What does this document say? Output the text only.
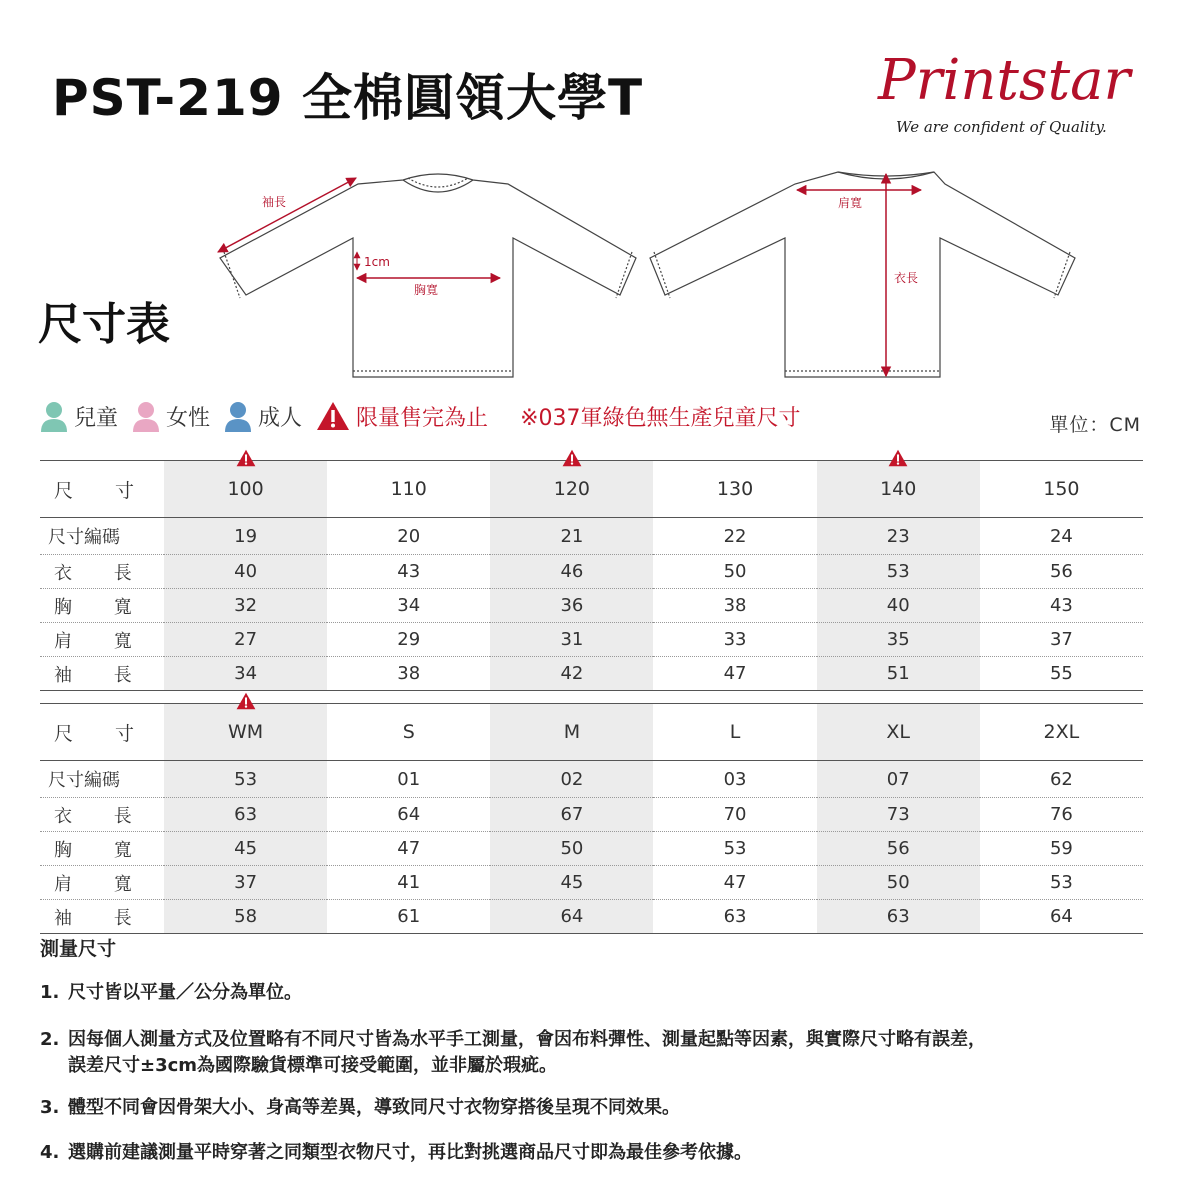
PST-219 全棉圓領大學T	Printstar
We are confident of Quality.
尺寸表
袖長
1cm
胸寬
肩寬
衣長
兒童 女性 成人 限量售完為止 ※037軍綠色無生產兒童尺寸	單位：CM
尺 寸	100	110	120	130	140	150
尺寸編碼	19	20	21	22	23	24
衣 長	40	43	46	50	53	56
胸 寬	32	34	36	38	40	43
肩 寬	27	29	31	33	35	37
袖 長	34	38	42	47	51	55
尺 寸	WM	S	M	L	XL	2XL
尺寸編碼	53	01	02	03	07	62
衣 長	63	64	67	70	73	76
胸 寬	45	47	50	53	56	59
肩 寬	37	41	45	47	50	53
袖 長	58	61	64	63	63	64
測量尺寸
1. 尺寸皆以平量／公分為單位。
2. 因每個人測量方式及位置略有不同尺寸皆為水平手工測量，會因布料彈性、測量起點等因素，與實際尺寸略有誤差，
誤差尺寸±3cm為國際驗貨標準可接受範圍，並非屬於瑕疵。
3. 體型不同會因骨架大小、身高等差異，導致同尺寸衣物穿搭後呈現不同效果。
4. 選購前建議測量平時穿著之同類型衣物尺寸，再比對挑選商品尺寸即為最佳參考依據。
